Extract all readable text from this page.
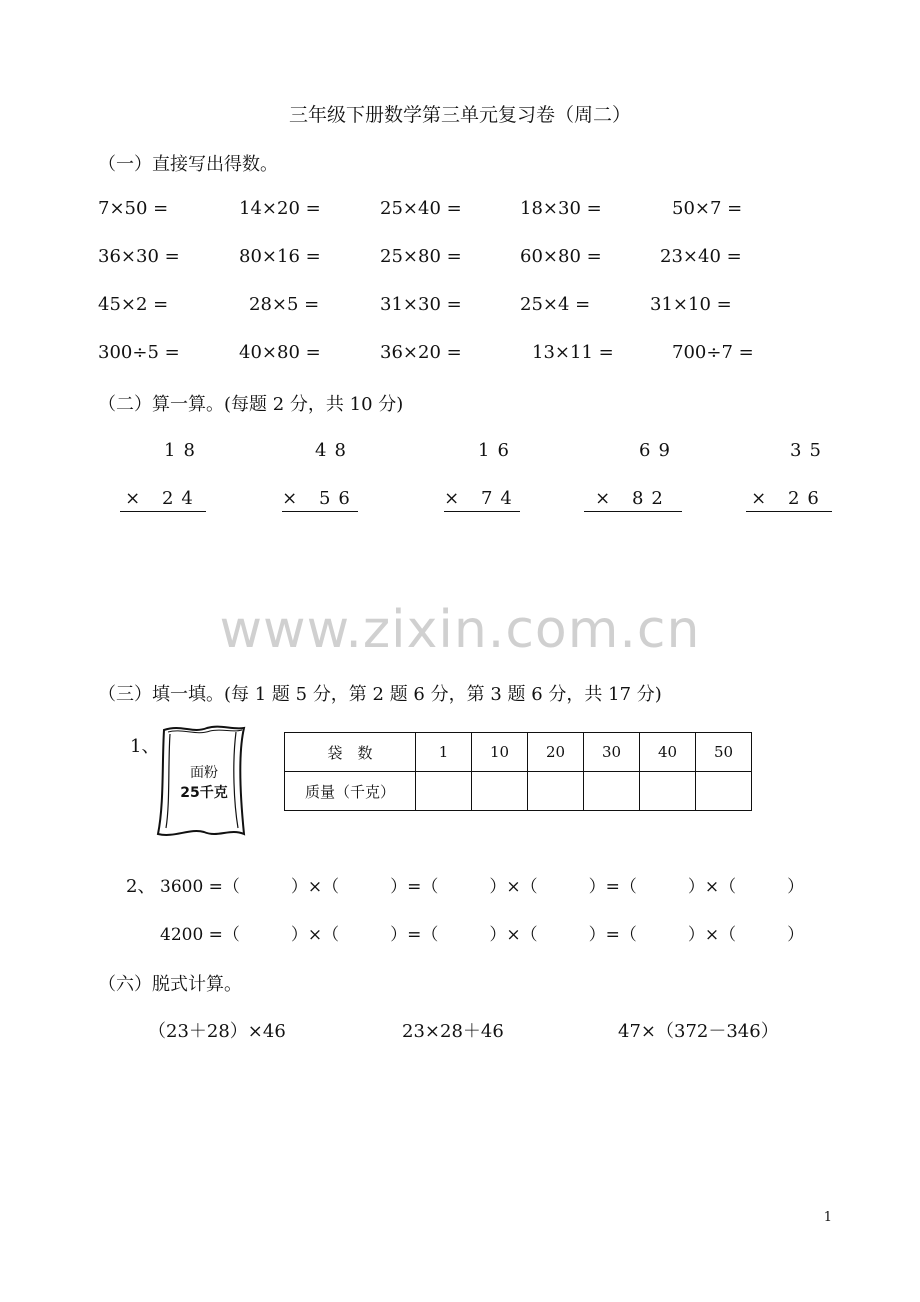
三年级下册数学第三单元复习卷（周二）
（一）直接写出得数。
7×50 =	14×20 =	25×40 =	18×30 =	50×7 =
36×30 =	80×16 =	25×80 =	60×80 =	23×40 =
45×2 =	28×5 =	31×30 =	25×4 =	31×10 =
300÷5 =	40×80 =	36×20 =	13×11 =	700÷7 =
（二）算一算。(每题 2 分，共 10 分)
18
× 24
48
× 56
16
× 74
69
× 82
35
× 26
www.zixin.com.cn
（三）填一填。(每 1 题 5 分，第 2 题 6 分，第 3 题 6 分，共 17 分)
1、
面粉
25千克
袋　数	1	10	20	30	40	50
质量（千克）						
2、 3600 =（　　　）×（　　　）=（　　　）×（　　　）=（　　　）×（　　　）
4200 =（　　　）×（　　　）=（　　　）×（　　　）=（　　　）×（　　　）
（六）脱式计算。
（23＋28）×46	23×28＋46	47×（372－346）
1
